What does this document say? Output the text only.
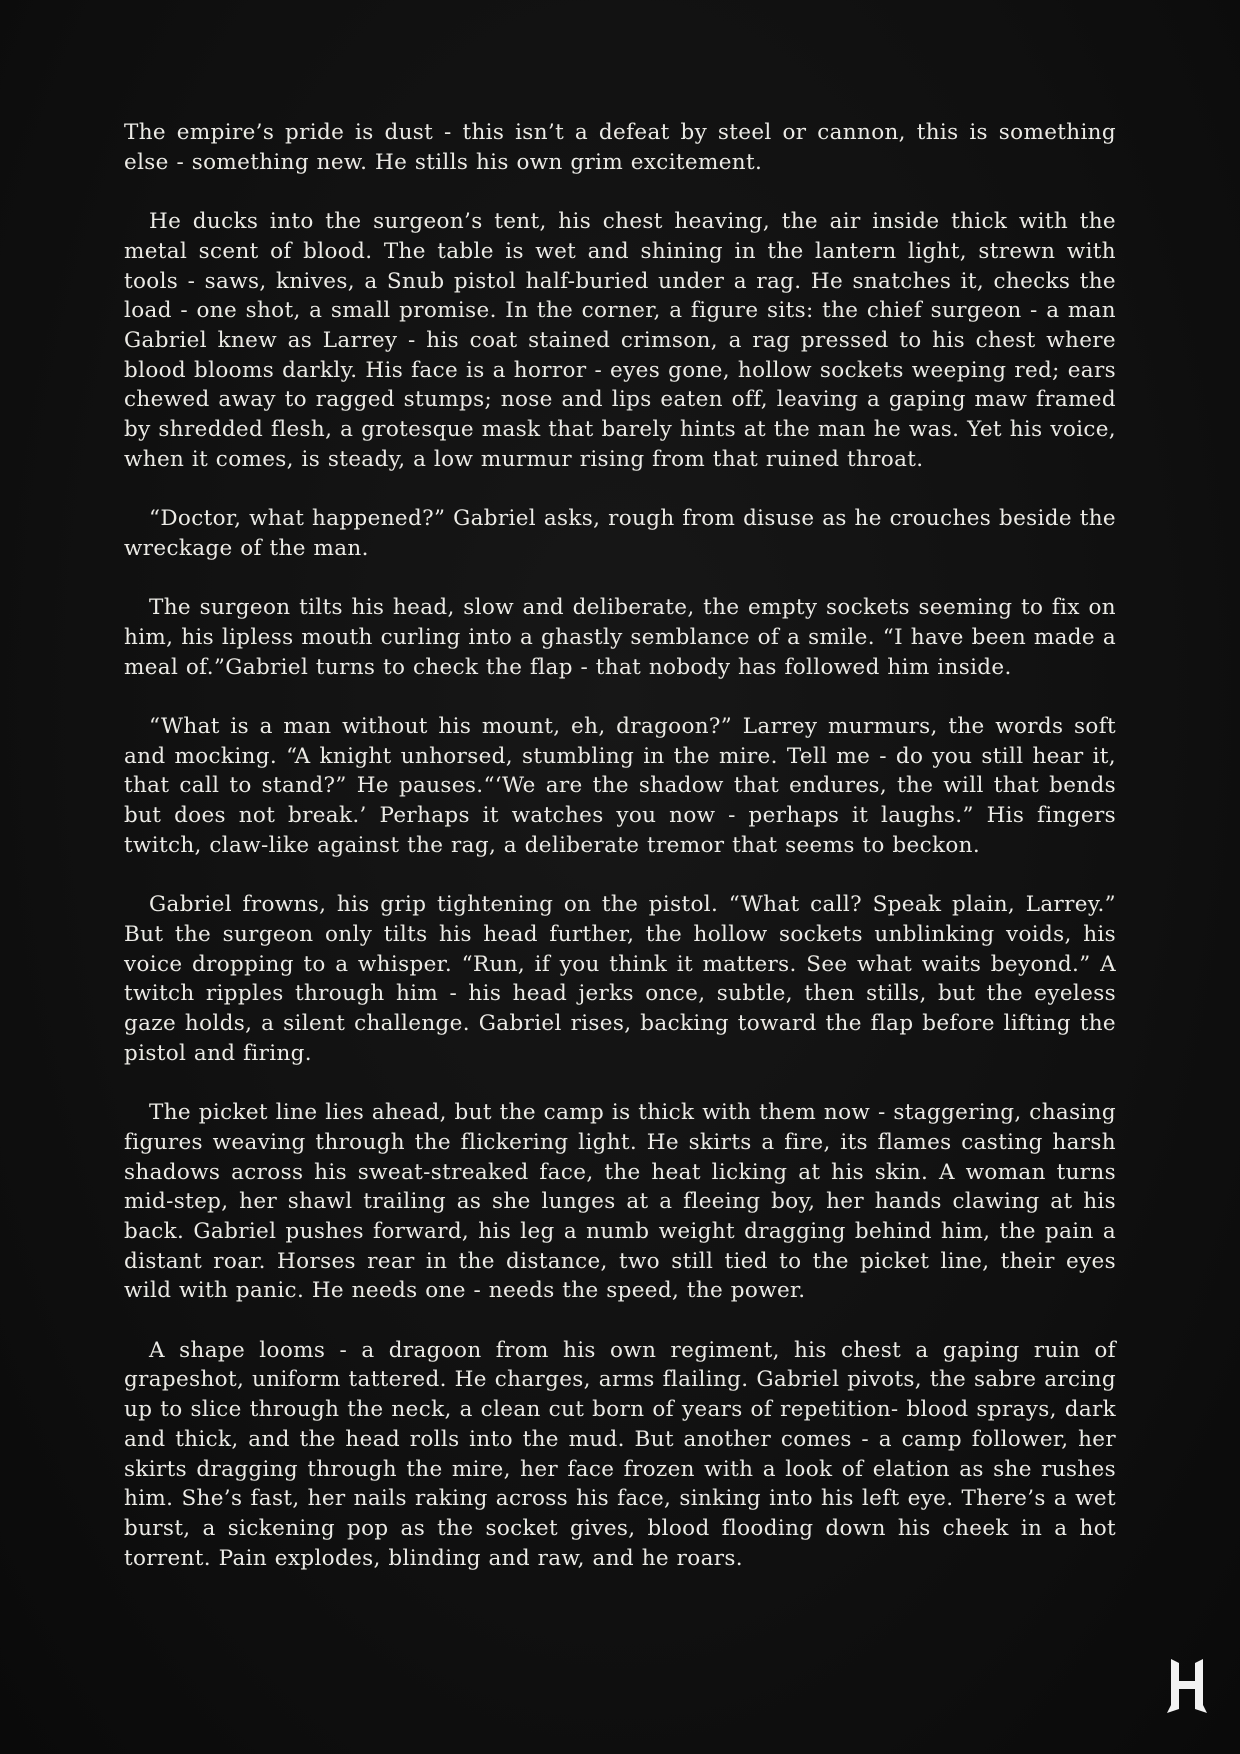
The empire’s pride is dust - this isn’t a defeat by steel or cannon, this is something else - something new. He stills his own grim excitement.

He ducks into the surgeon’s tent, his chest heaving, the air inside thick with the metal scent of blood. The table is wet and shining in the lantern light, strewn with tools - saws, knives, a Snub pistol half-buried under a rag. He snatches it, checks the load - one shot, a small promise. In the corner, a figure sits: the chief surgeon - a man Gabriel knew as Larrey - his coat stained crimson, a rag pressed to his chest where blood blooms darkly. His face is a horror - eyes gone, hollow sockets weeping red; ears chewed away to ragged stumps; nose and lips eaten off, leaving a gaping maw framed by shredded flesh, a grotesque mask that barely hints at the man he was. Yet his voice, when it comes, is steady, a low murmur rising from that ruined throat.

“Doctor, what happened?” Gabriel asks, rough from disuse as he crouches beside the wreckage of the man.

The surgeon tilts his head, slow and deliberate, the empty sockets seeming to fix on him, his lipless mouth curling into a ghastly semblance of a smile. “I have been made a meal of.”Gabriel turns to check the flap - that nobody has followed him inside.

“What is a man without his mount, eh, dragoon?” Larrey murmurs, the words soft and mocking. “A knight unhorsed, stumbling in the mire. Tell me - do you still hear it, that call to stand?” He pauses.“‘We are the shadow that endures, the will that bends but does not break.’ Perhaps it watches you now - perhaps it laughs.” His fingers twitch, claw-like against the rag, a deliberate tremor that seems to beckon.

Gabriel frowns, his grip tightening on the pistol. “What call? Speak plain, Larrey.” But the surgeon only tilts his head further, the hollow sockets unblinking voids, his voice dropping to a whisper. “Run, if you think it matters. See what waits beyond.” A twitch ripples through him - his head jerks once, subtle, then stills, but the eyeless gaze holds, a silent challenge. Gabriel rises, backing toward the flap before lifting the pistol and firing.

The picket line lies ahead, but the camp is thick with them now - staggering, chasing figures weaving through the flickering light. He skirts a fire, its flames casting harsh shadows across his sweat-streaked face, the heat licking at his skin. A woman turns mid-step, her shawl trailing as she lunges at a fleeing boy, her hands clawing at his back. Gabriel pushes forward, his leg a numb weight dragging behind him, the pain a distant roar. Horses rear in the distance, two still tied to the picket line, their eyes wild with panic. He needs one - needs the speed, the power.

A shape looms - a dragoon from his own regiment, his chest a gaping ruin of grapeshot, uniform tattered. He charges, arms flailing. Gabriel pivots, the sabre arcing up to slice through the neck, a clean cut born of years of repetition- blood sprays, dark and thick, and the head rolls into the mud. But another comes - a camp follower, her skirts dragging through the mire, her face frozen with a look of elation as she rushes him. She’s fast, her nails raking across his face, sinking into his left eye. There’s a wet burst, a sickening pop as the socket gives, blood flooding down his cheek in a hot torrent. Pain explodes, blinding and raw, and he roars.
